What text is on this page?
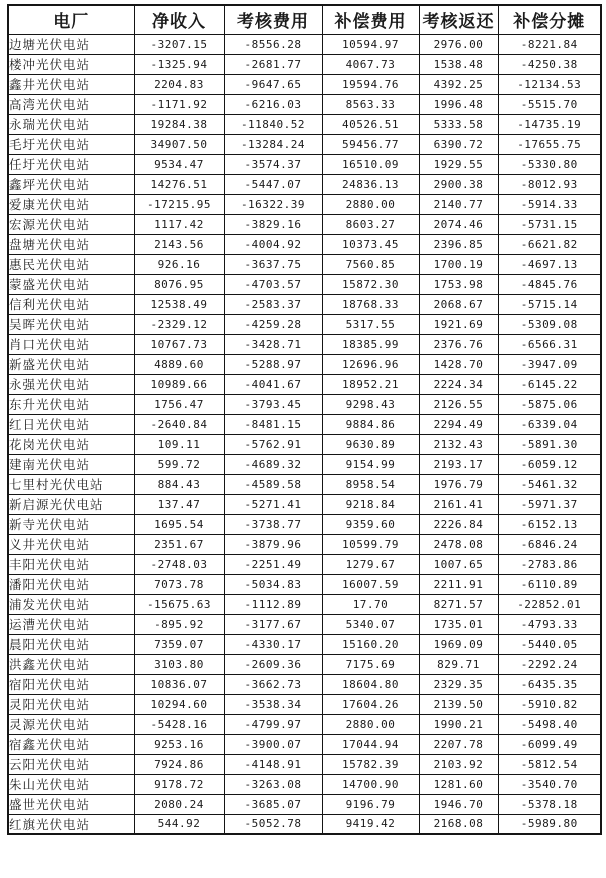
电厂	净收入	考核费用	补偿费用	考核返还	补偿分摊
边塘光伏电站	-3207.15	-8556.28	10594.97	2976.00	-8221.84
楼冲光伏电站	-1325.94	-2681.77	4067.73	1538.48	-4250.38
鑫井光伏电站	2204.83	-9647.65	19594.76	4392.25	-12134.53
高湾光伏电站	-1171.92	-6216.03	8563.33	1996.48	-5515.70
永瑞光伏电站	19284.38	-11840.52	40526.51	5333.58	-14735.19
毛圩光伏电站	34907.50	-13284.24	59456.77	6390.72	-17655.75
任圩光伏电站	9534.47	-3574.37	16510.09	1929.55	-5330.80
鑫坪光伏电站	14276.51	-5447.07	24836.13	2900.38	-8012.93
爱康光伏电站	-17215.95	-16322.39	2880.00	2140.77	-5914.33
宏源光伏电站	1117.42	-3829.16	8603.27	2074.46	-5731.15
盘塘光伏电站	2143.56	-4004.92	10373.45	2396.85	-6621.82
惠民光伏电站	926.16	-3637.75	7560.85	1700.19	-4697.13
蒙盛光伏电站	8076.95	-4703.57	15872.30	1753.98	-4845.76
信利光伏电站	12538.49	-2583.37	18768.33	2068.67	-5715.14
吴晖光伏电站	-2329.12	-4259.28	5317.55	1921.69	-5309.08
肖口光伏电站	10767.73	-3428.71	18385.99	2376.76	-6566.31
新盛光伏电站	4889.60	-5288.97	12696.96	1428.70	-3947.09
永强光伏电站	10989.66	-4041.67	18952.21	2224.34	-6145.22
东升光伏电站	1756.47	-3793.45	9298.43	2126.55	-5875.06
红日光伏电站	-2640.84	-8481.15	9884.86	2294.49	-6339.04
花岗光伏电站	109.11	-5762.91	9630.89	2132.43	-5891.30
建南光伏电站	599.72	-4689.32	9154.99	2193.17	-6059.12
七里村光伏电站	884.43	-4589.58	8958.54	1976.79	-5461.32
新启源光伏电站	137.47	-5271.41	9218.84	2161.41	-5971.37
新寺光伏电站	1695.54	-3738.77	9359.60	2226.84	-6152.13
义井光伏电站	2351.67	-3879.96	10599.79	2478.08	-6846.24
丰阳光伏电站	-2748.03	-2251.49	1279.67	1007.65	-2783.86
潘阳光伏电站	7073.78	-5034.83	16007.59	2211.91	-6110.89
浦发光伏电站	-15675.63	-1112.89	17.70	8271.57	-22852.01
运漕光伏电站	-895.92	-3177.67	5340.07	1735.01	-4793.33
晨阳光伏电站	7359.07	-4330.17	15160.20	1969.09	-5440.05
洪鑫光伏电站	3103.80	-2609.36	7175.69	829.71	-2292.24
宿阳光伏电站	10836.07	-3662.73	18604.80	2329.35	-6435.35
灵阳光伏电站	10294.60	-3538.34	17604.26	2139.50	-5910.82
灵源光伏电站	-5428.16	-4799.97	2880.00	1990.21	-5498.40
宿鑫光伏电站	9253.16	-3900.07	17044.94	2207.78	-6099.49
云阳光伏电站	7924.86	-4148.91	15782.39	2103.92	-5812.54
朱山光伏电站	9178.72	-3263.08	14700.90	1281.60	-3540.70
盛世光伏电站	2080.24	-3685.07	9196.79	1946.70	-5378.18
红旗光伏电站	544.92	-5052.78	9419.42	2168.08	-5989.80
